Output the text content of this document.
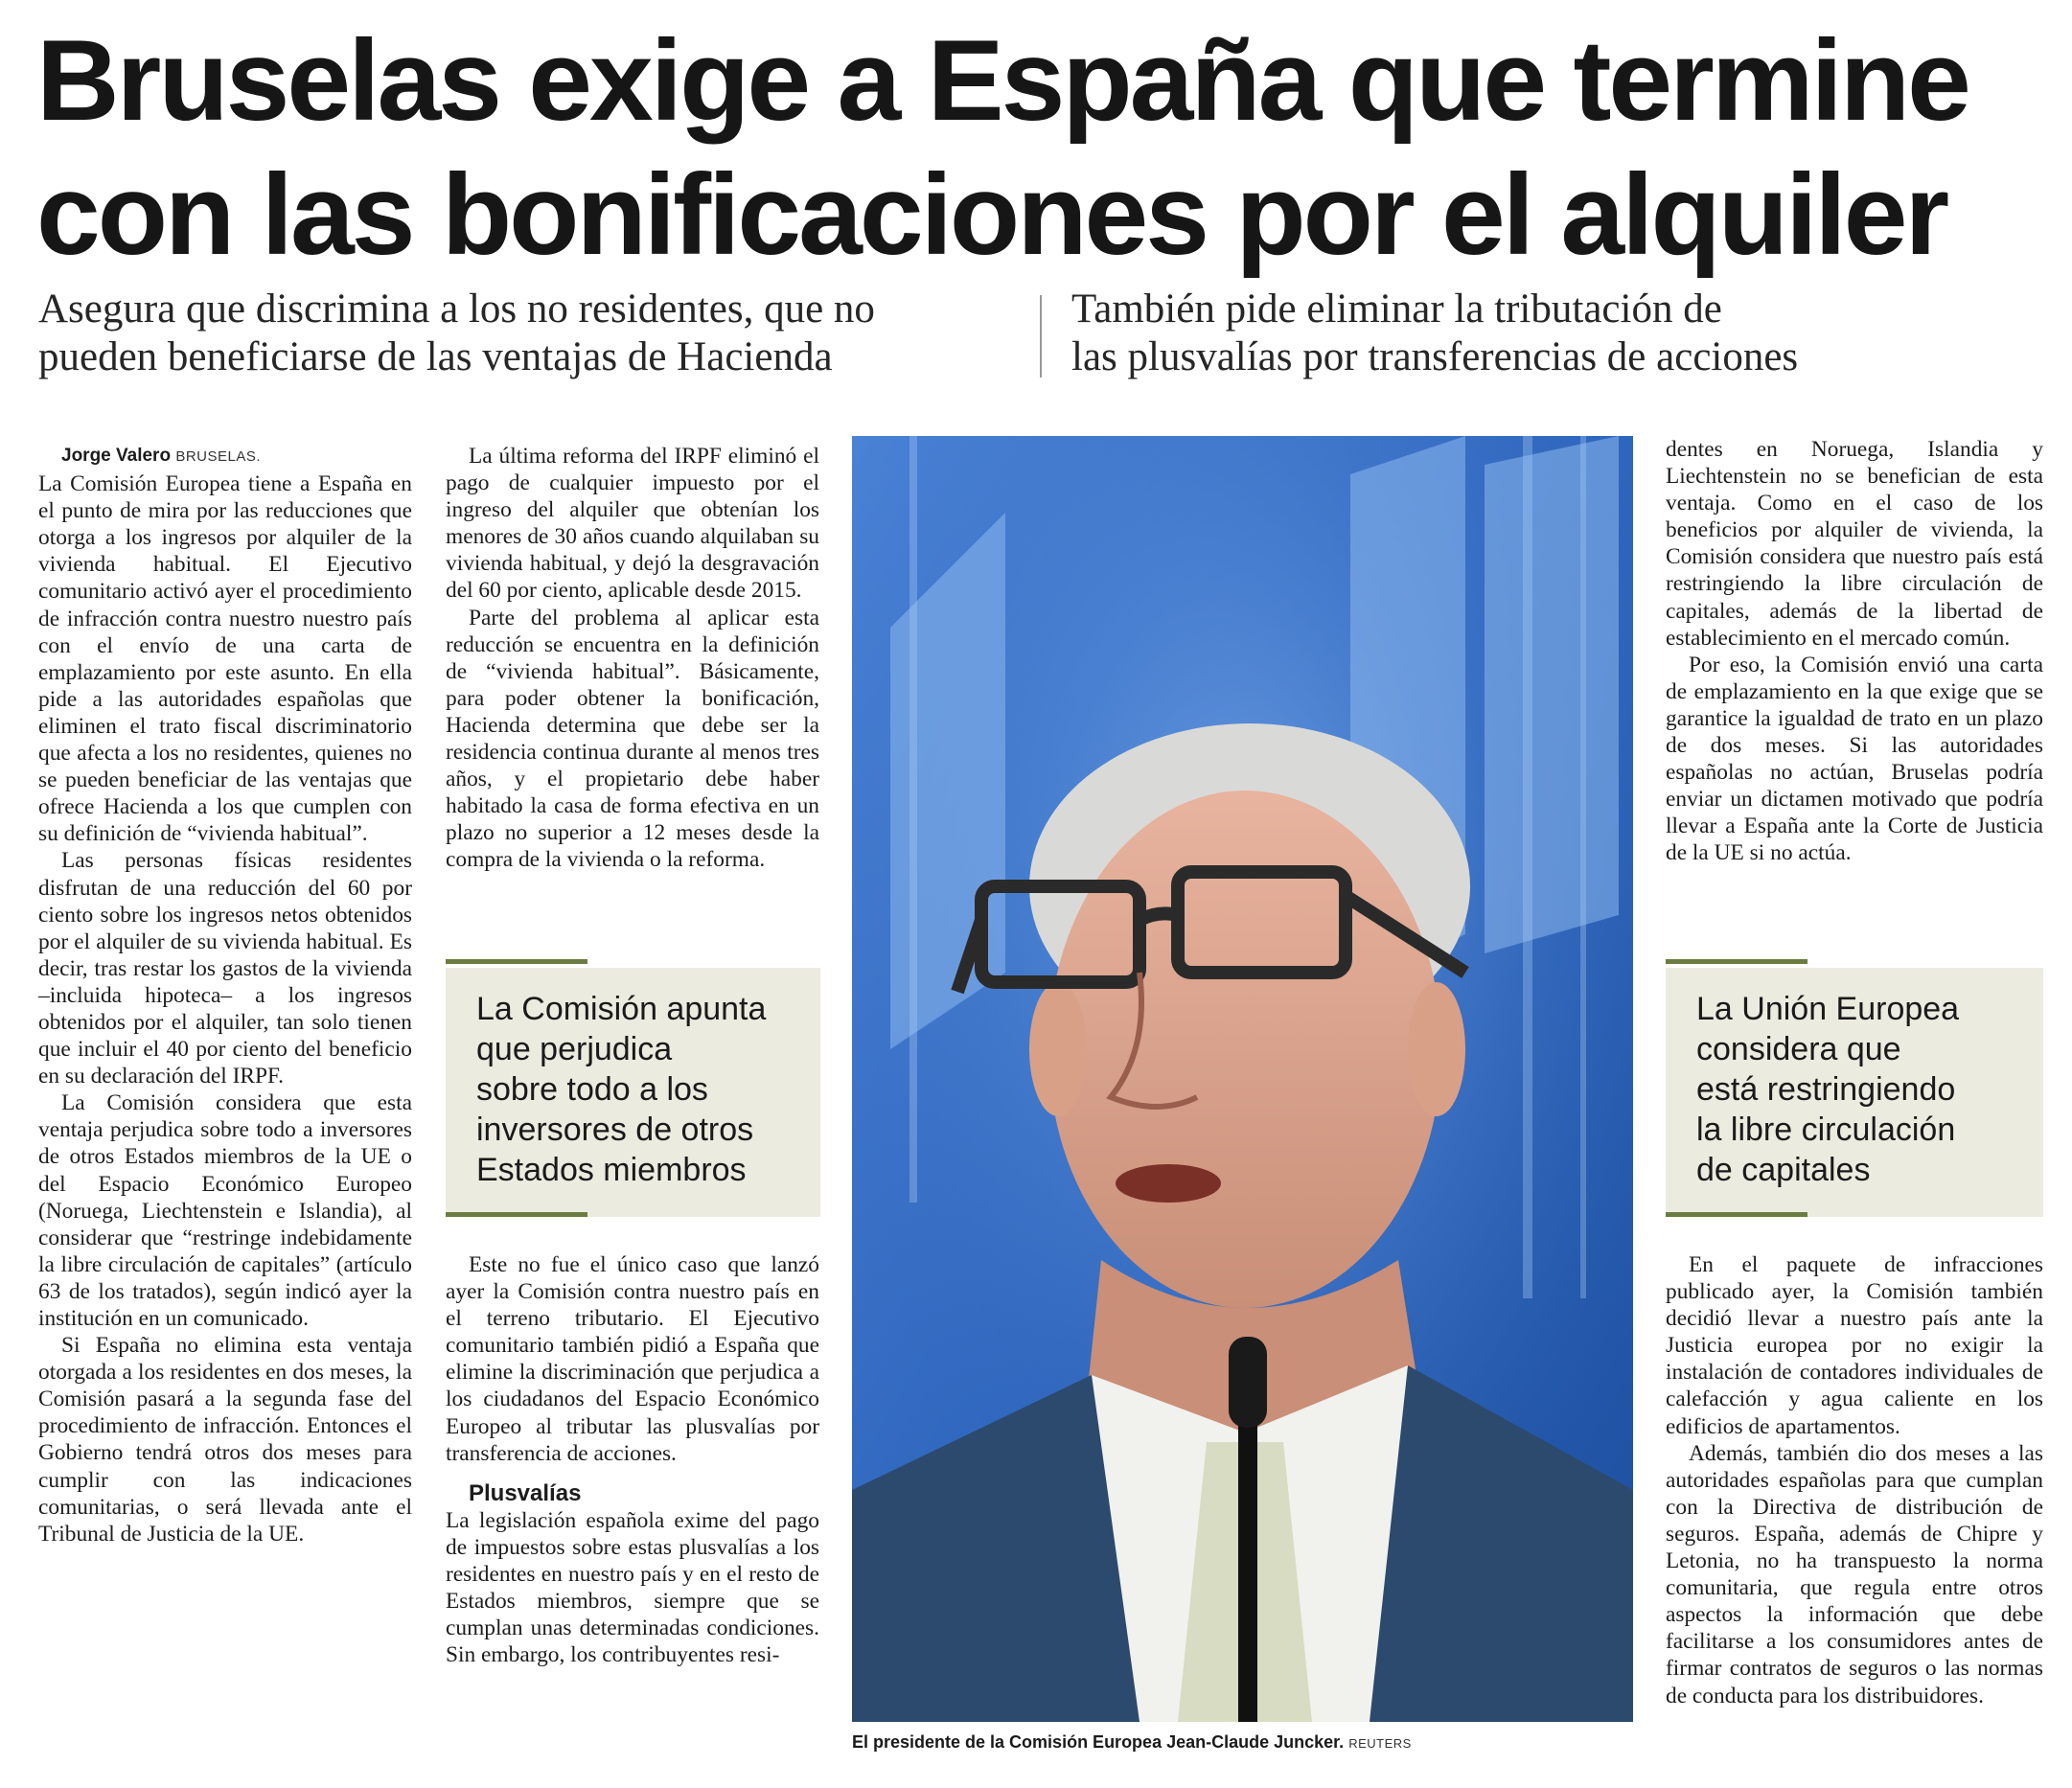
Bruselas exige a España que termine
con las bonificaciones por el alquiler
Asegura que discrimina a los no residentes, que no
pueden beneficiarse de las ventajas de Hacienda
También pide eliminar la tributación de
las plusvalías por transferencias de acciones

Jorge Valero BRUSELAS.

La Comisión Europea tiene a España en el punto de mira por las reducciones que otorga a los ingresos por alquiler de la vivienda habitual. El Ejecutivo comunitario activó ayer el procedimiento de infracción contra nuestro nuestro país con el envío de una carta de emplazamiento por este asunto. En ella pide a las autoridades españolas que eliminen el trato fiscal discriminatorio que afecta a los no residentes, quienes no se pueden beneficiar de las ventajas que ofrece Hacienda a los que cumplen con su definición de “vivienda habitual”.

Las personas físicas residentes disfrutan de una reducción del 60 por ciento sobre los ingresos netos obtenidos por el alquiler de su vivienda habitual. Es decir, tras restar los gastos de la vivienda –incluida hipoteca– a los ingresos obtenidos por el alquiler, tan solo tienen que incluir el 40 por ciento del beneficio en su declaración del IRPF.

La Comisión considera que esta ventaja perjudica sobre todo a inversores de otros Estados miembros de la UE o del Espacio Económico Europeo (Noruega, Liechtenstein e Islandia), al considerar que “restringe indebidamente la libre circulación de capitales” (artículo 63 de los tratados), según indicó ayer la institución en un comunicado.

Si España no elimina esta ventaja otorgada a los residentes en dos meses, la Comisión pasará a la segunda fase del procedimiento de infracción. Entonces el Gobierno tendrá otros dos meses para cumplir con las indicaciones comunitarias, o será llevada ante el Tribunal de Justicia de la UE.

La última reforma del IRPF eliminó el pago de cualquier impuesto por el ingreso del alquiler que obtenían los menores de 30 años cuando alquilaban su vivienda habitual, y dejó la desgravación del 60 por ciento, aplicable desde 2015.

Parte del problema al aplicar esta reducción se encuentra en la definición de “vivienda habitual”. Básicamente, para poder obtener la bonificación, Hacienda determina que debe ser la residencia continua durante al menos tres años, y el propietario debe haber habitado la casa de forma efectiva en un plazo no superior a 12 meses desde la compra de la vivienda o la reforma.

La Comisión apunta
que perjudica
sobre todo a los
inversores de otros
Estados miembros

Este no fue el único caso que lanzó ayer la Comisión contra nuestro país en el terreno tributario. El Ejecutivo comunitario también pidió a España que elimine la discriminación que perjudica a los ciudadanos del Espacio Económico Europeo al tributar las plusvalías por transferencia de acciones.

Plusvalías

La legislación española exime del pago de impuestos sobre estas plusvalías a los residentes en nuestro país y en el resto de Estados miembros, siempre que se cumplan unas determinadas condiciones. Sin embargo, los contribuyentes resi-

El presidente de la Comisión Europea Jean-Claude Juncker. REUTERS

dentes en Noruega, Islandia y Liechtenstein no se benefician de esta ventaja. Como en el caso de los beneficios por alquiler de vivienda, la Comisión considera que nuestro país está restringiendo la libre circulación de capitales, además de la libertad de establecimiento en el mercado común.

Por eso, la Comisión envió una carta de emplazamiento en la que exige que se garantice la igualdad de trato en un plazo de dos meses. Si las autoridades españolas no actúan, Bruselas podría enviar un dictamen motivado que podría llevar a España ante la Corte de Justicia de la UE si no actúa.

La Unión Europea
considera que
está restringiendo
la libre circulación
de capitales

En el paquete de infracciones publicado ayer, la Comisión también decidió llevar a nuestro país ante la Justicia europea por no exigir la instalación de contadores individuales de calefacción y agua caliente en los edificios de apartamentos.

Además, también dio dos meses a las autoridades españolas para que cumplan con la Directiva de distribución de seguros. España, además de Chipre y Letonia, no ha transpuesto la norma comunitaria, que regula entre otros aspectos la información que debe facilitarse a los consumidores antes de firmar contratos de seguros o las normas de conducta para los distribuidores.
